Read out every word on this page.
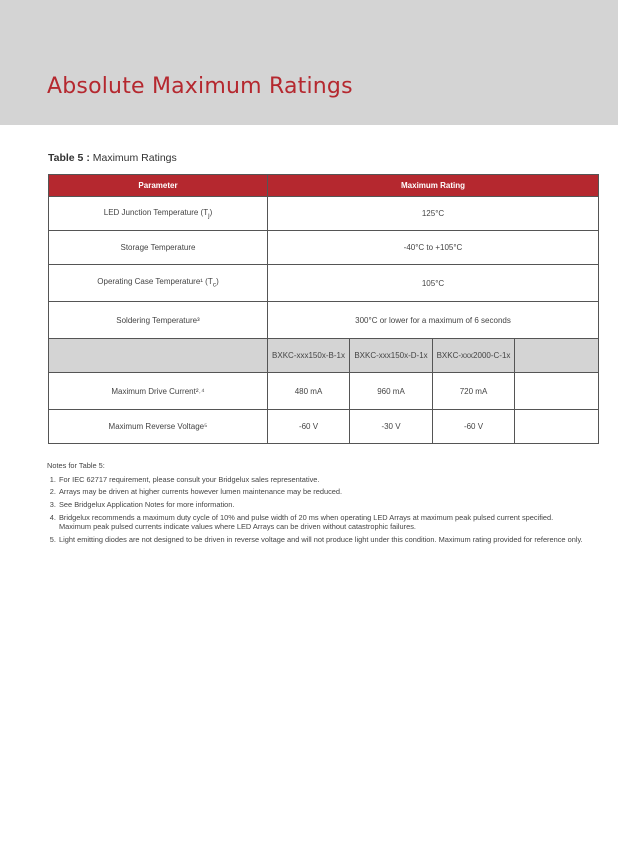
Absolute Maximum Ratings
Table 5 : Maximum Ratings
Parameter	Maximum Rating			
LED Junction Temperature $(T_j)$	125°C			
Storage Temperature	-40°C to +105°C			
Operating Case Temperature¹ $(T_c)$	105°C			
Soldering Temperature³	300°C or lower for a maximum of 6 seconds			
	BXKC-xxx150x-B-1x	BXKC-xxx150x-D-1x	BXKC-xxx2000-C-1x	
Maximum Drive Current²˒⁴	480 mA	960 mA	720 mA	
Maximum Reverse Voltage⁵	-60 V	-30 V	-60 V	
Notes for Table 5:
1. For IEC 62717 requirement, please consult your Bridgelux sales representative.
2. Arrays may be driven at higher currents however lumen maintenance may be reduced.
3. See Bridgelux Application Notes for more information.
4. Bridgelux recommends a maximum duty cycle of 10% and pulse width of 20 ms when operating LED Arrays at maximum peak pulsed current specified. Maximum peak pulsed currents indicate values where LED Arrays can be driven without catastrophic failures.
5. Light emitting diodes are not designed to be driven in reverse voltage and will not produce light under this condition. Maximum rating provided for reference only.
